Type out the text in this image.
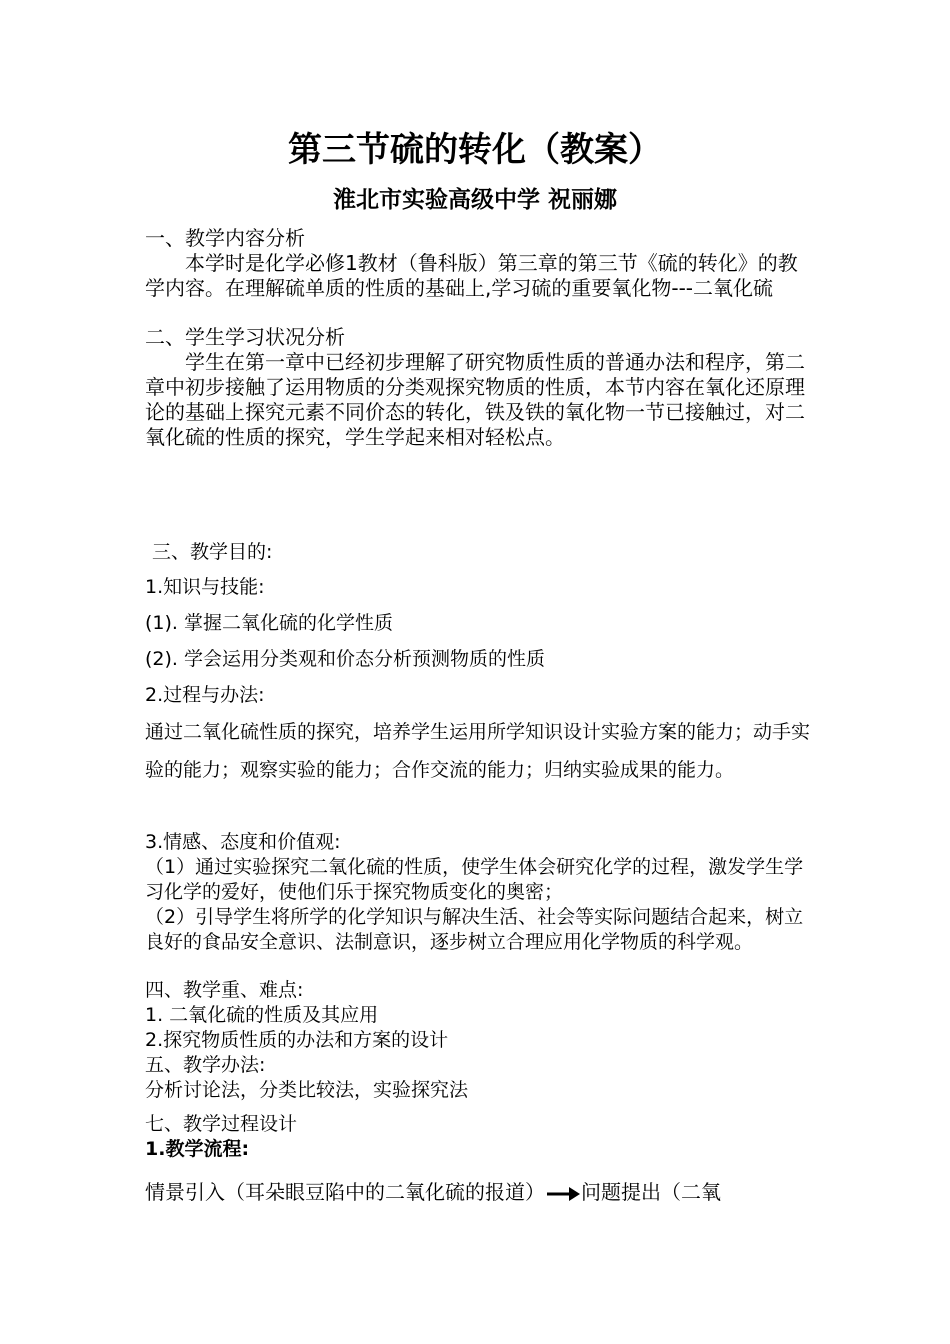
第三节硫的转化（教案）
淮北市实验高级中学 祝丽娜

一、教学内容分析

本学时是化学必修1教材（鲁科版）第三章的第三节《硫的转化》的教学内容。在理解硫单质的性质的基础上,学习硫的重要氧化物---二氧化硫

二、学生学习状况分析

学生在第一章中已经初步理解了研究物质性质的普通办法和程序，第二章中初步接触了运用物质的分类观探究物质的性质，本节内容在氧化还原理论的基础上探究元素不同价态的转化，铁及铁的氧化物一节已接触过，对二氧化硫的性质的探究，学生学起来相对轻松点。

三、教学目的:
1.知识与技能:
(1). 掌握二氧化硫的化学性质
(2). 学会运用分类观和价态分析预测物质的性质
2.过程与办法:
通过二氧化硫性质的探究，培养学生运用所学知识设计实验方案的能力；动手实验的能力；观察实验的能力；合作交流的能力；归纳实验成果的能力。

3.情感、态度和价值观:

（1）通过实验探究二氧化硫的性质，使学生体会研究化学的过程，激发学生学习化学的爱好，使他们乐于探究物质变化的奥密；

（2）引导学生将所学的化学知识与解决生活、社会等实际问题结合起来，树立良好的食品安全意识、法制意识，逐步树立合理应用化学物质的科学观。

四、教学重、难点:

1. 二氧化硫的性质及其应用

2.探究物质性质的办法和方案的设计

五、教学办法:

分析讨论法，分类比较法，实验探究法

七、教学过程设计

1.教学流程:

情景引入（耳朵眼豆陷中的二氧化硫的报道） 问题提出（二氧
